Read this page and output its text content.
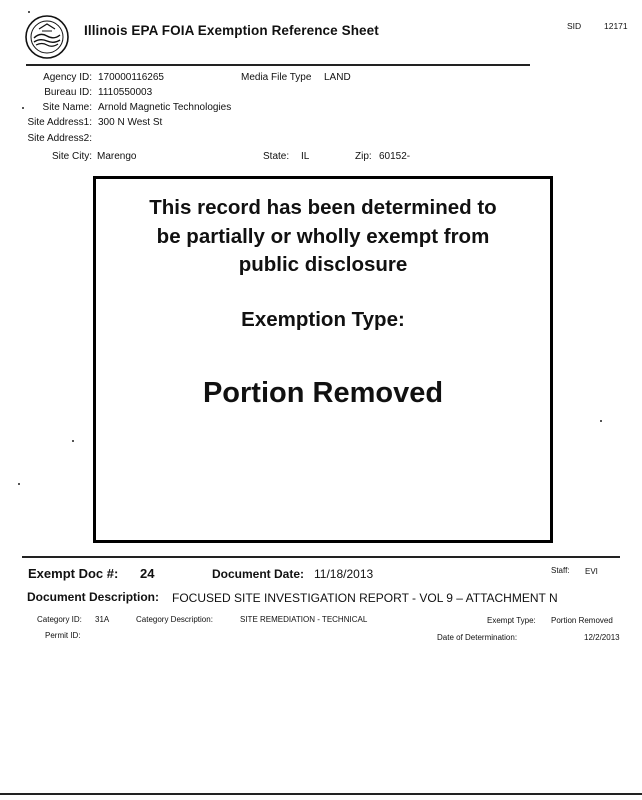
Illinois EPA FOIA Exemption Reference Sheet	SID	12171
Agency ID: 170000116265	Media File Type LAND
Bureau ID: 1110550003
Site Name: Arnold Magnetic Technologies
Site Address1: 300 N West St
Site Address2:
Site City: Marengo	State: IL	Zip: 60152-
This record has been determined to
be partially or wholly exempt from
public disclosure
Exemption Type:
Portion Removed
Exempt Doc #: 24	Document Date: 11/18/2013	Staff: EVI
Document Description: FOCUSED SITE INVESTIGATION REPORT - VOL 9 – ATTACHMENT N
Category ID: 31A	Category Description:	SITE REMEDIATION - TECHNICAL	Exempt Type: Portion Removed
Permit ID:	Date of Determination:	12/2/2013
